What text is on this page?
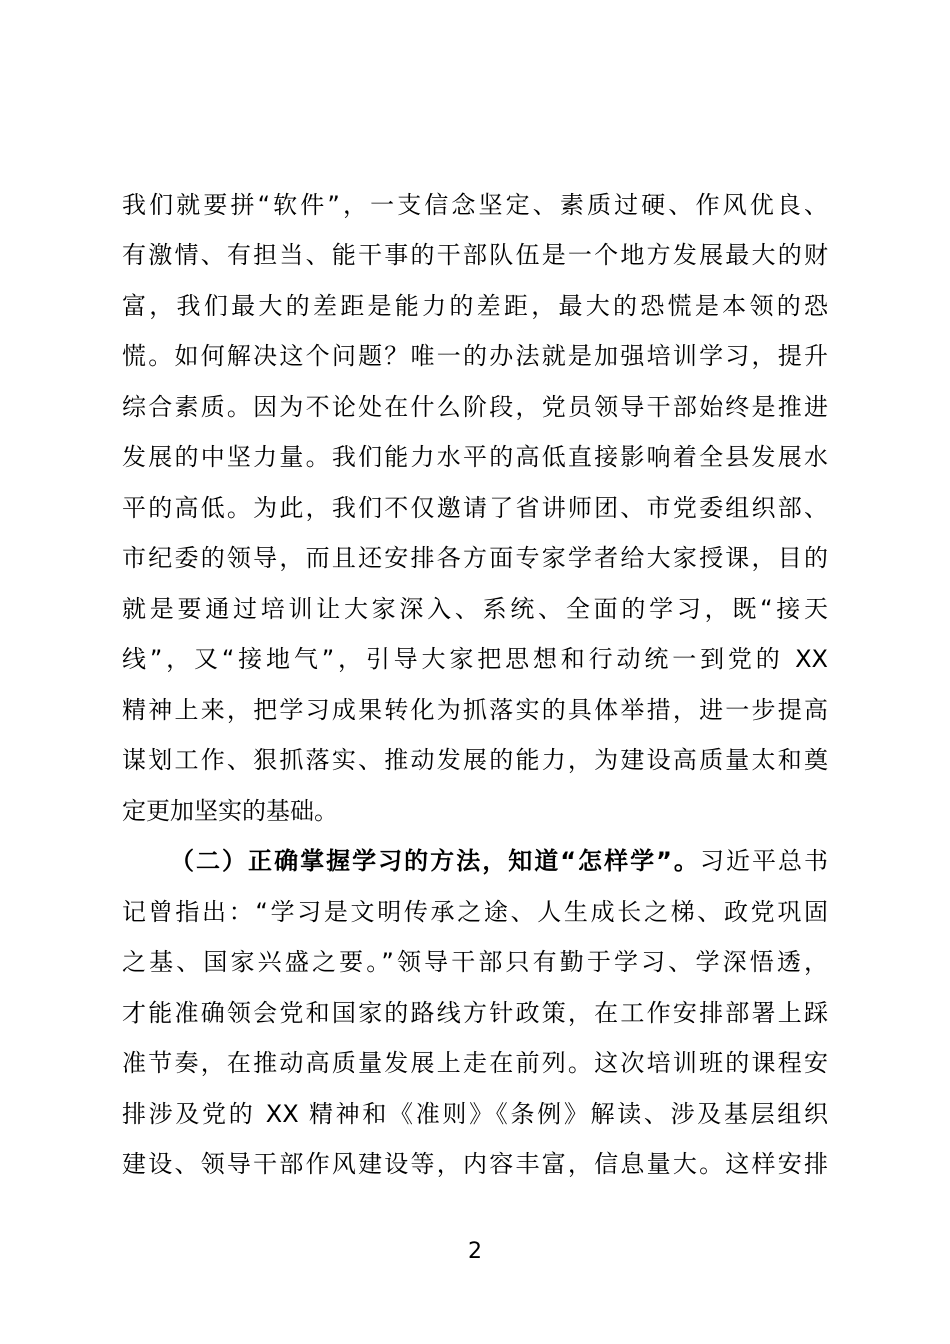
我们就要拼“软件”，一支信念坚定、素质过硬、作风优良、
有激情、有担当、能干事的干部队伍是一个地方发展最大的财
富，我们最大的差距是能力的差距，最大的恐慌是本领的恐
慌。如何解决这个问题？唯一的办法就是加强培训学习，提升
综合素质。因为不论处在什么阶段，党员领导干部始终是推进
发展的中坚力量。我们能力水平的高低直接影响着全县发展水
平的高低。为此，我们不仅邀请了省讲师团、市党委组织部、
市纪委的领导，而且还安排各方面专家学者给大家授课，目的
就是要通过培训让大家深入、系统、全面的学习，既“接天
线”，又“接地气”，引导大家把思想和行动统一到党的 XX
精神上来，把学习成果转化为抓落实的具体举措，进一步提高
谋划工作、狠抓落实、推动发展的能力，为建设高质量太和奠
定更加坚实的基础。
（二）正确掌握学习的方法，知道“怎样学”。习近平总书
记曾指出：“学习是文明传承之途、人生成长之梯、政党巩固
之基、国家兴盛之要。”领导干部只有勤于学习、学深悟透，
才能准确领会党和国家的路线方针政策，在工作安排部署上踩
准节奏，在推动高质量发展上走在前列。这次培训班的课程安
排涉及党的 XX 精神和《准则》《条例》解读、涉及基层组织
建设、领导干部作风建设等，内容丰富，信息量大。这样安排
2
